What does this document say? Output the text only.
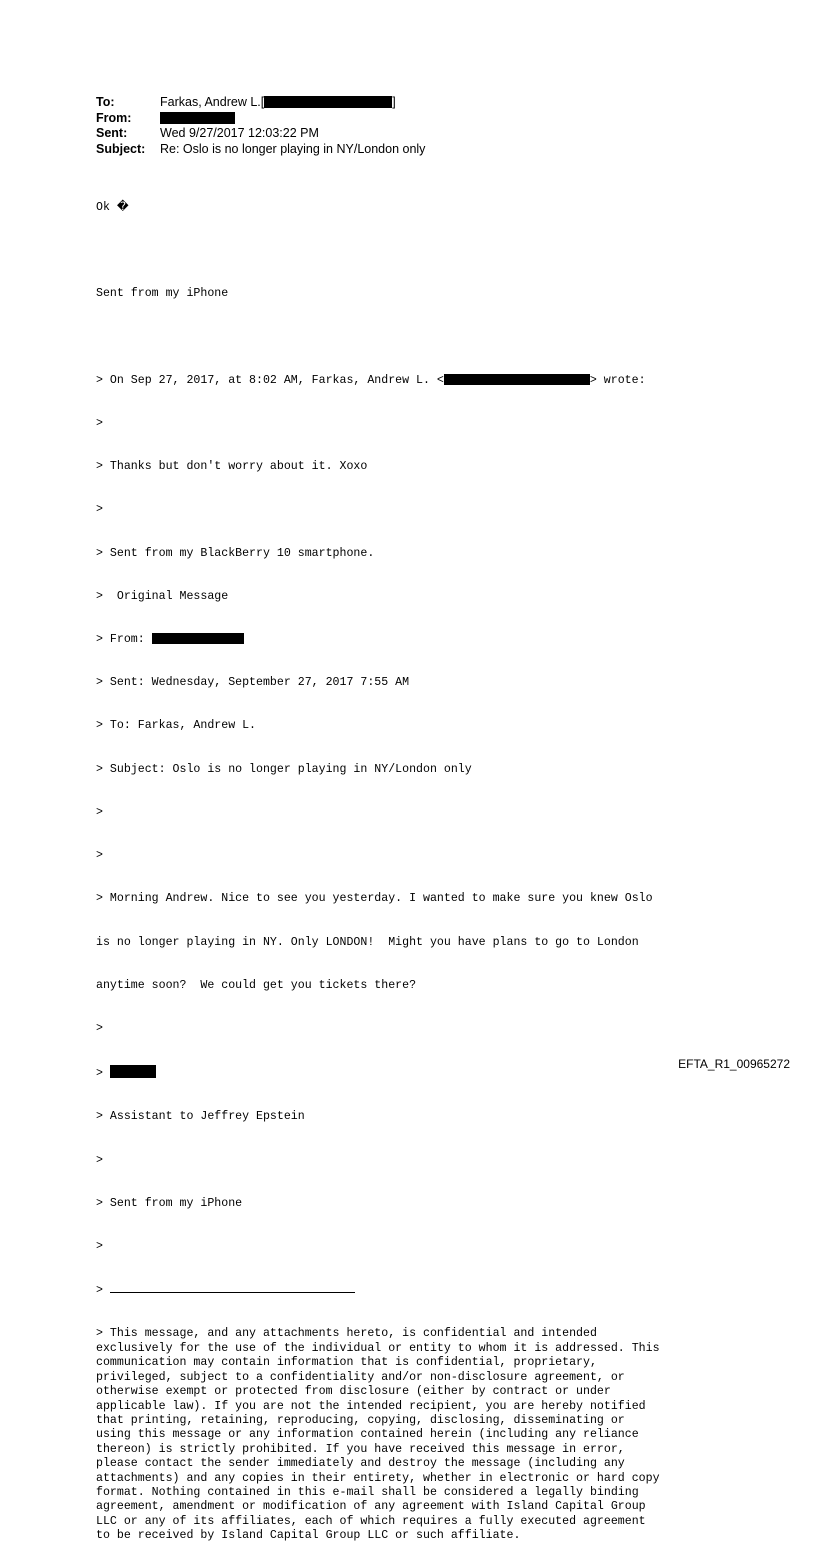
To:	Farkas, Andrew L.[	]
From:
Sent:	Wed 9/27/2017 12:03:22 PM
Subject:	Re: Oslo is no longer playing in NY/London only

Ok �

Sent from my iPhone

> On Sep 27, 2017, at 8:02 AM, Farkas, Andrew L. <	> wrote:

>

> Thanks but don't worry about it. Xoxo

>

> Sent from my BlackBerry 10 smartphone.

>  Original Message

> From:

> Sent: Wednesday, September 27, 2017 7:55 AM

> To: Farkas, Andrew L.

> Subject: Oslo is no longer playing in NY/London only

>

>

> Morning Andrew. Nice to see you yesterday. I wanted to make sure you knew Oslo

is no longer playing in NY. Only LONDON!  Might you have plans to go to London

anytime soon?  We could get you tickets there?

>

>

> Assistant to Jeffrey Epstein

>

> Sent from my iPhone

>

>

> This message, and any attachments hereto, is confidential and intended
exclusively for the use of the individual or entity to whom it is addressed. This
communication may contain information that is confidential, proprietary,
privileged, subject to a confidentiality and/or non-disclosure agreement, or
otherwise exempt or protected from disclosure (either by contract or under
applicable law). If you are not the intended recipient, you are hereby notified
that printing, retaining, reproducing, copying, disclosing, disseminating or
using this message or any information contained herein (including any reliance
thereon) is strictly prohibited. If you have received this message in error,
please contact the sender immediately and destroy the message (including any
attachments) and any copies in their entirety, whether in electronic or hard copy
format. Nothing contained in this e-mail shall be considered a legally binding
agreement, amendment or modification of any agreement with Island Capital Group
LLC or any of its affiliates, each of which requires a fully executed agreement
to be received by Island Capital Group LLC or such affiliate.

EFTA_R1_00965272
